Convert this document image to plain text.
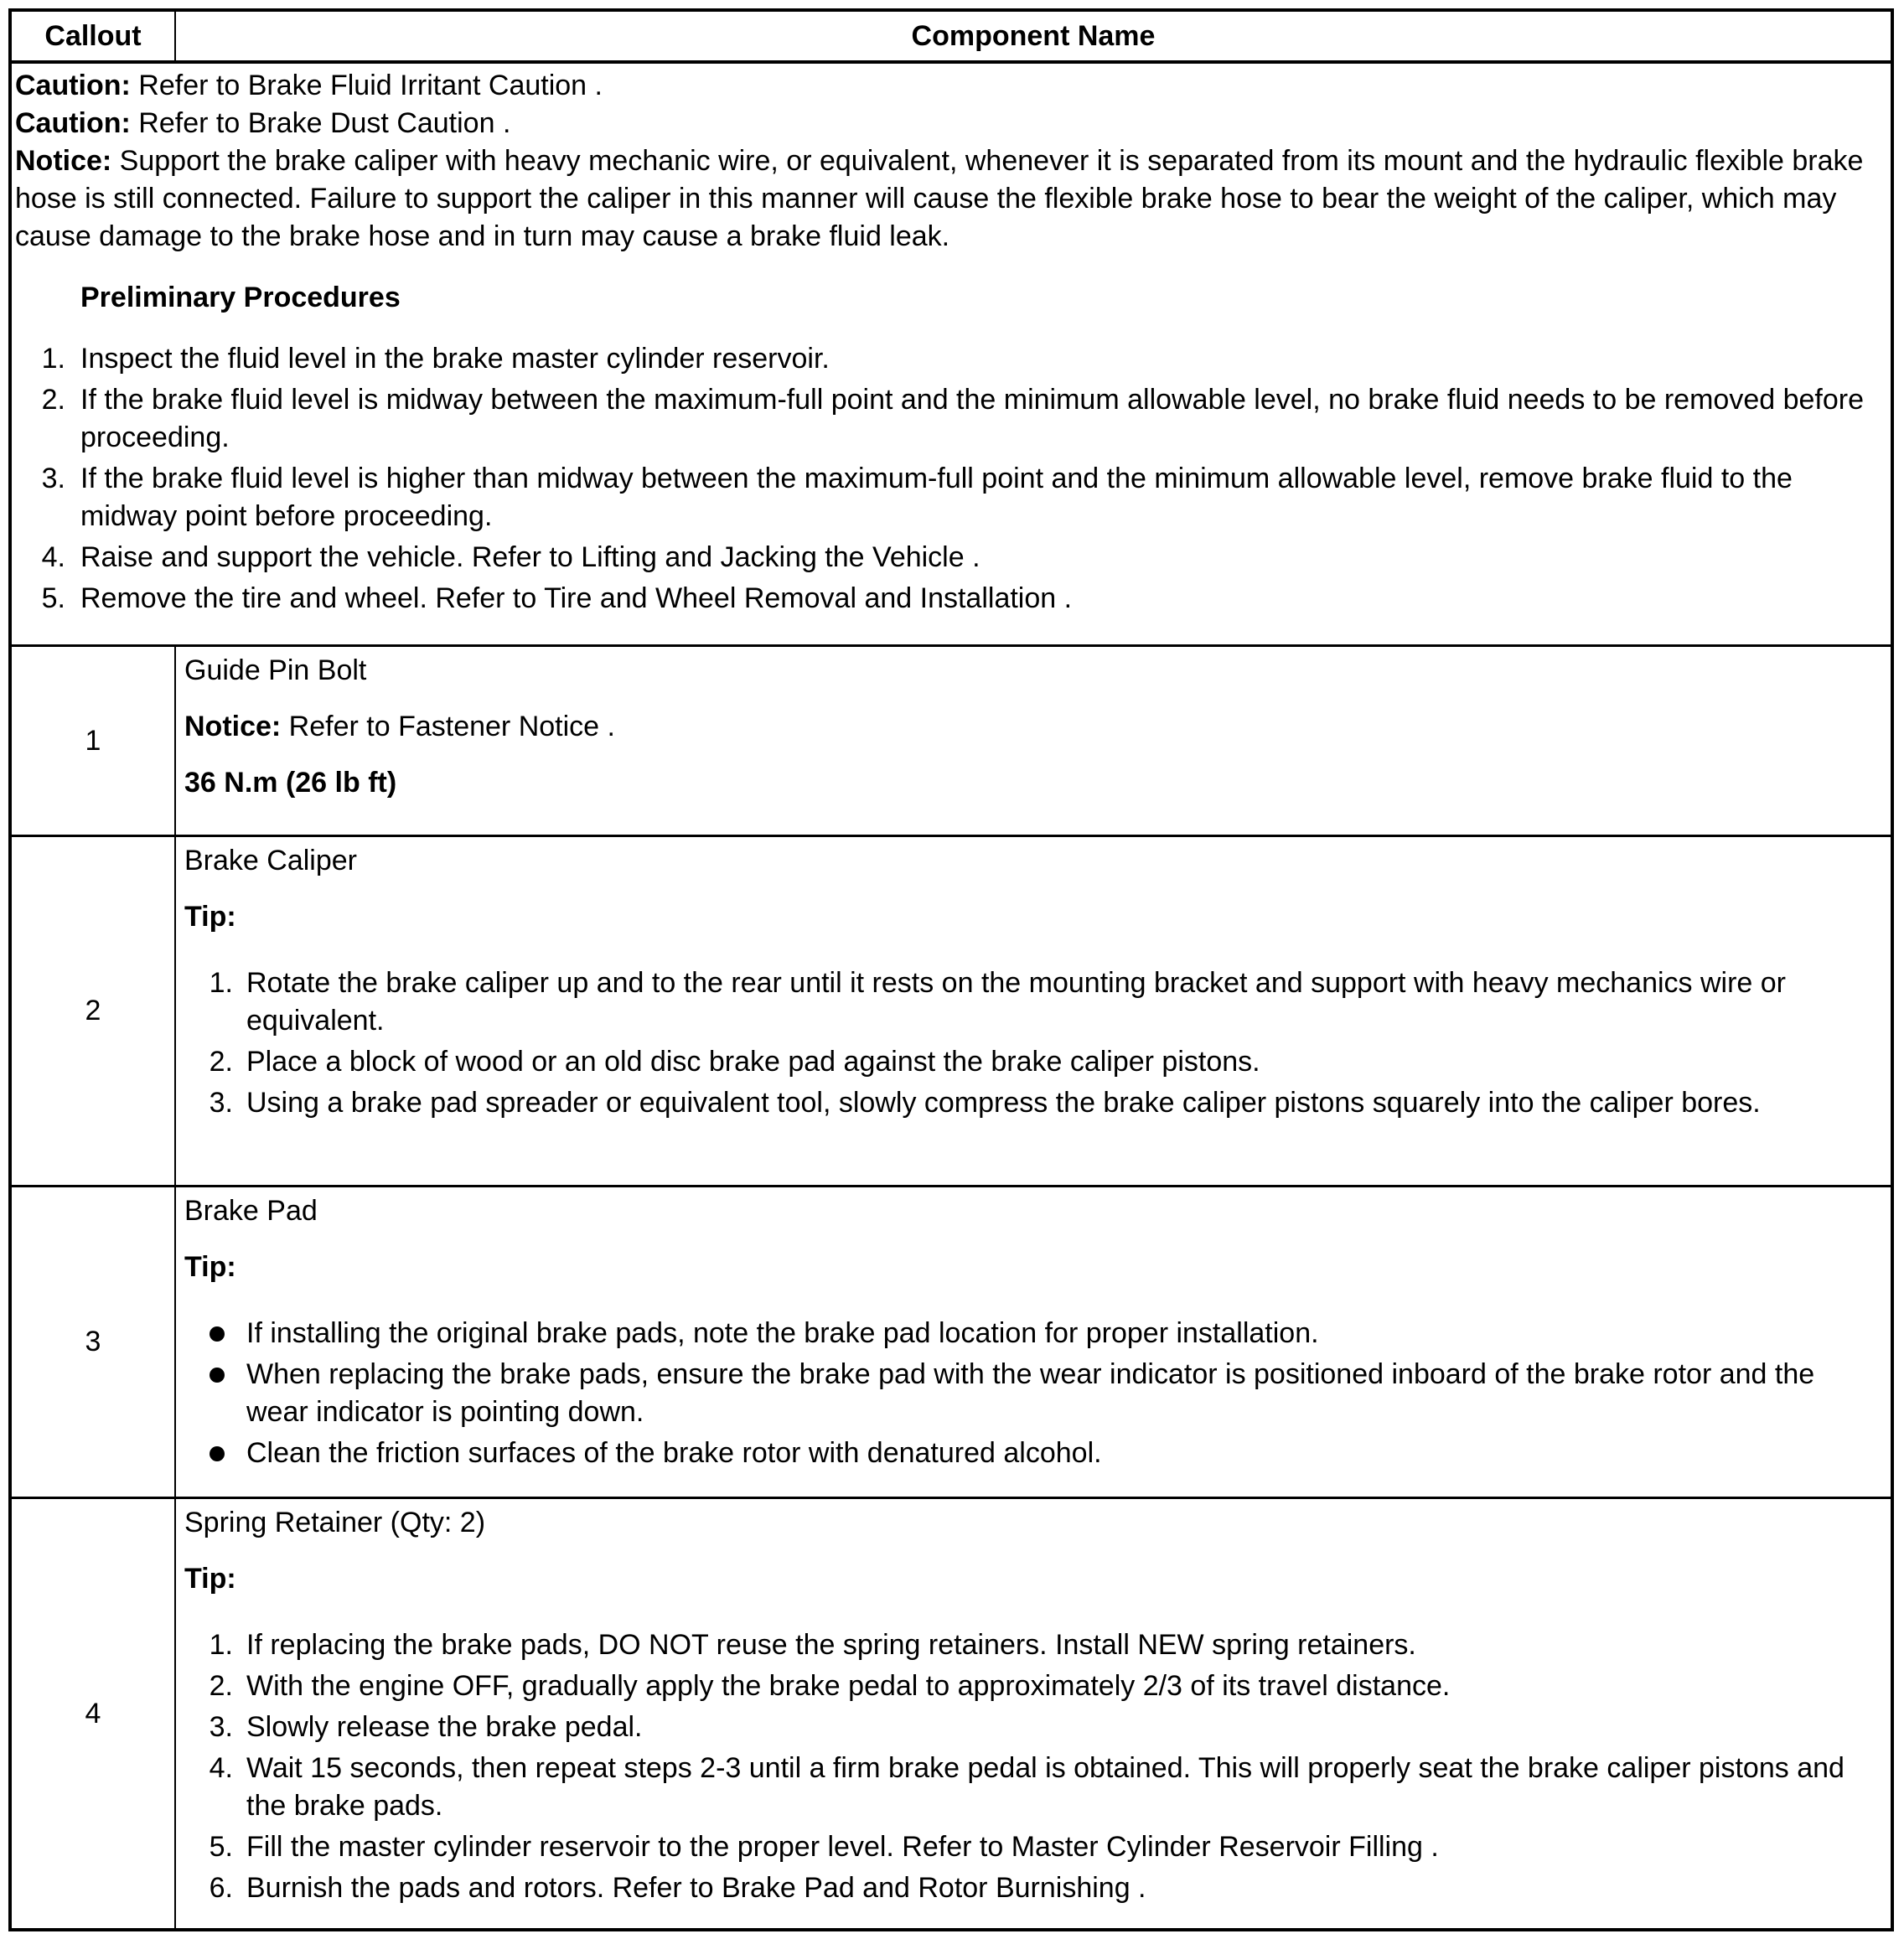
Callout	Component Name

Caution: Refer to Brake Fluid Irritant Caution .

Caution: Refer to Brake Dust Caution .

Notice: Support the brake caliper with heavy mechanic wire, or equivalent, whenever it is separated from its mount and the hydraulic flexible brake hose is still connected. Failure to support the caliper in this manner will cause the flexible brake hose to bear the weight of the caliper, which may cause damage to the brake hose and in turn may cause a brake fluid leak.

Preliminary Procedures

1. Inspect the fluid level in the brake master cylinder reservoir.
2. If the brake fluid level is midway between the maximum-full point and the minimum allowable level, no brake fluid needs to be removed before proceeding.
3. If the brake fluid level is higher than midway between the maximum-full point and the minimum allowable level, remove brake fluid to the midway point before proceeding.
4. Raise and support the vehicle. Refer to Lifting and Jacking the Vehicle .
5. Remove the tire and wheel. Refer to Tire and Wheel Removal and Installation .
1

Guide Pin Bolt

Notice: Refer to Fastener Notice .

36 N.m (26 lb ft)

2

Brake Caliper

Tip:

1. Rotate the brake caliper up and to the rear until it rests on the mounting bracket and support with heavy mechanics wire or equivalent.
2. Place a block of wood or an old disc brake pad against the brake caliper pistons.
3. Using a brake pad spreader or equivalent tool, slowly compress the brake caliper pistons squarely into the caliper bores.
3

Brake Pad

Tip:

If installing the original brake pads, note the brake pad location for proper installation.
When replacing the brake pads, ensure the brake pad with the wear indicator is positioned inboard of the brake rotor and the wear indicator is pointing down.
Clean the friction surfaces of the brake rotor with denatured alcohol.
4

Spring Retainer (Qty: 2)

Tip:

1. If replacing the brake pads, DO NOT reuse the spring retainers. Install NEW spring retainers.
2. With the engine OFF, gradually apply the brake pedal to approximately 2/3 of its travel distance.
3. Slowly release the brake pedal.
4. Wait 15 seconds, then repeat steps 2-3 until a firm brake pedal is obtained. This will properly seat the brake caliper pistons and the brake pads.
5. Fill the master cylinder reservoir to the proper level. Refer to Master Cylinder Reservoir Filling .
6. Burnish the pads and rotors. Refer to Brake Pad and Rotor Burnishing .
